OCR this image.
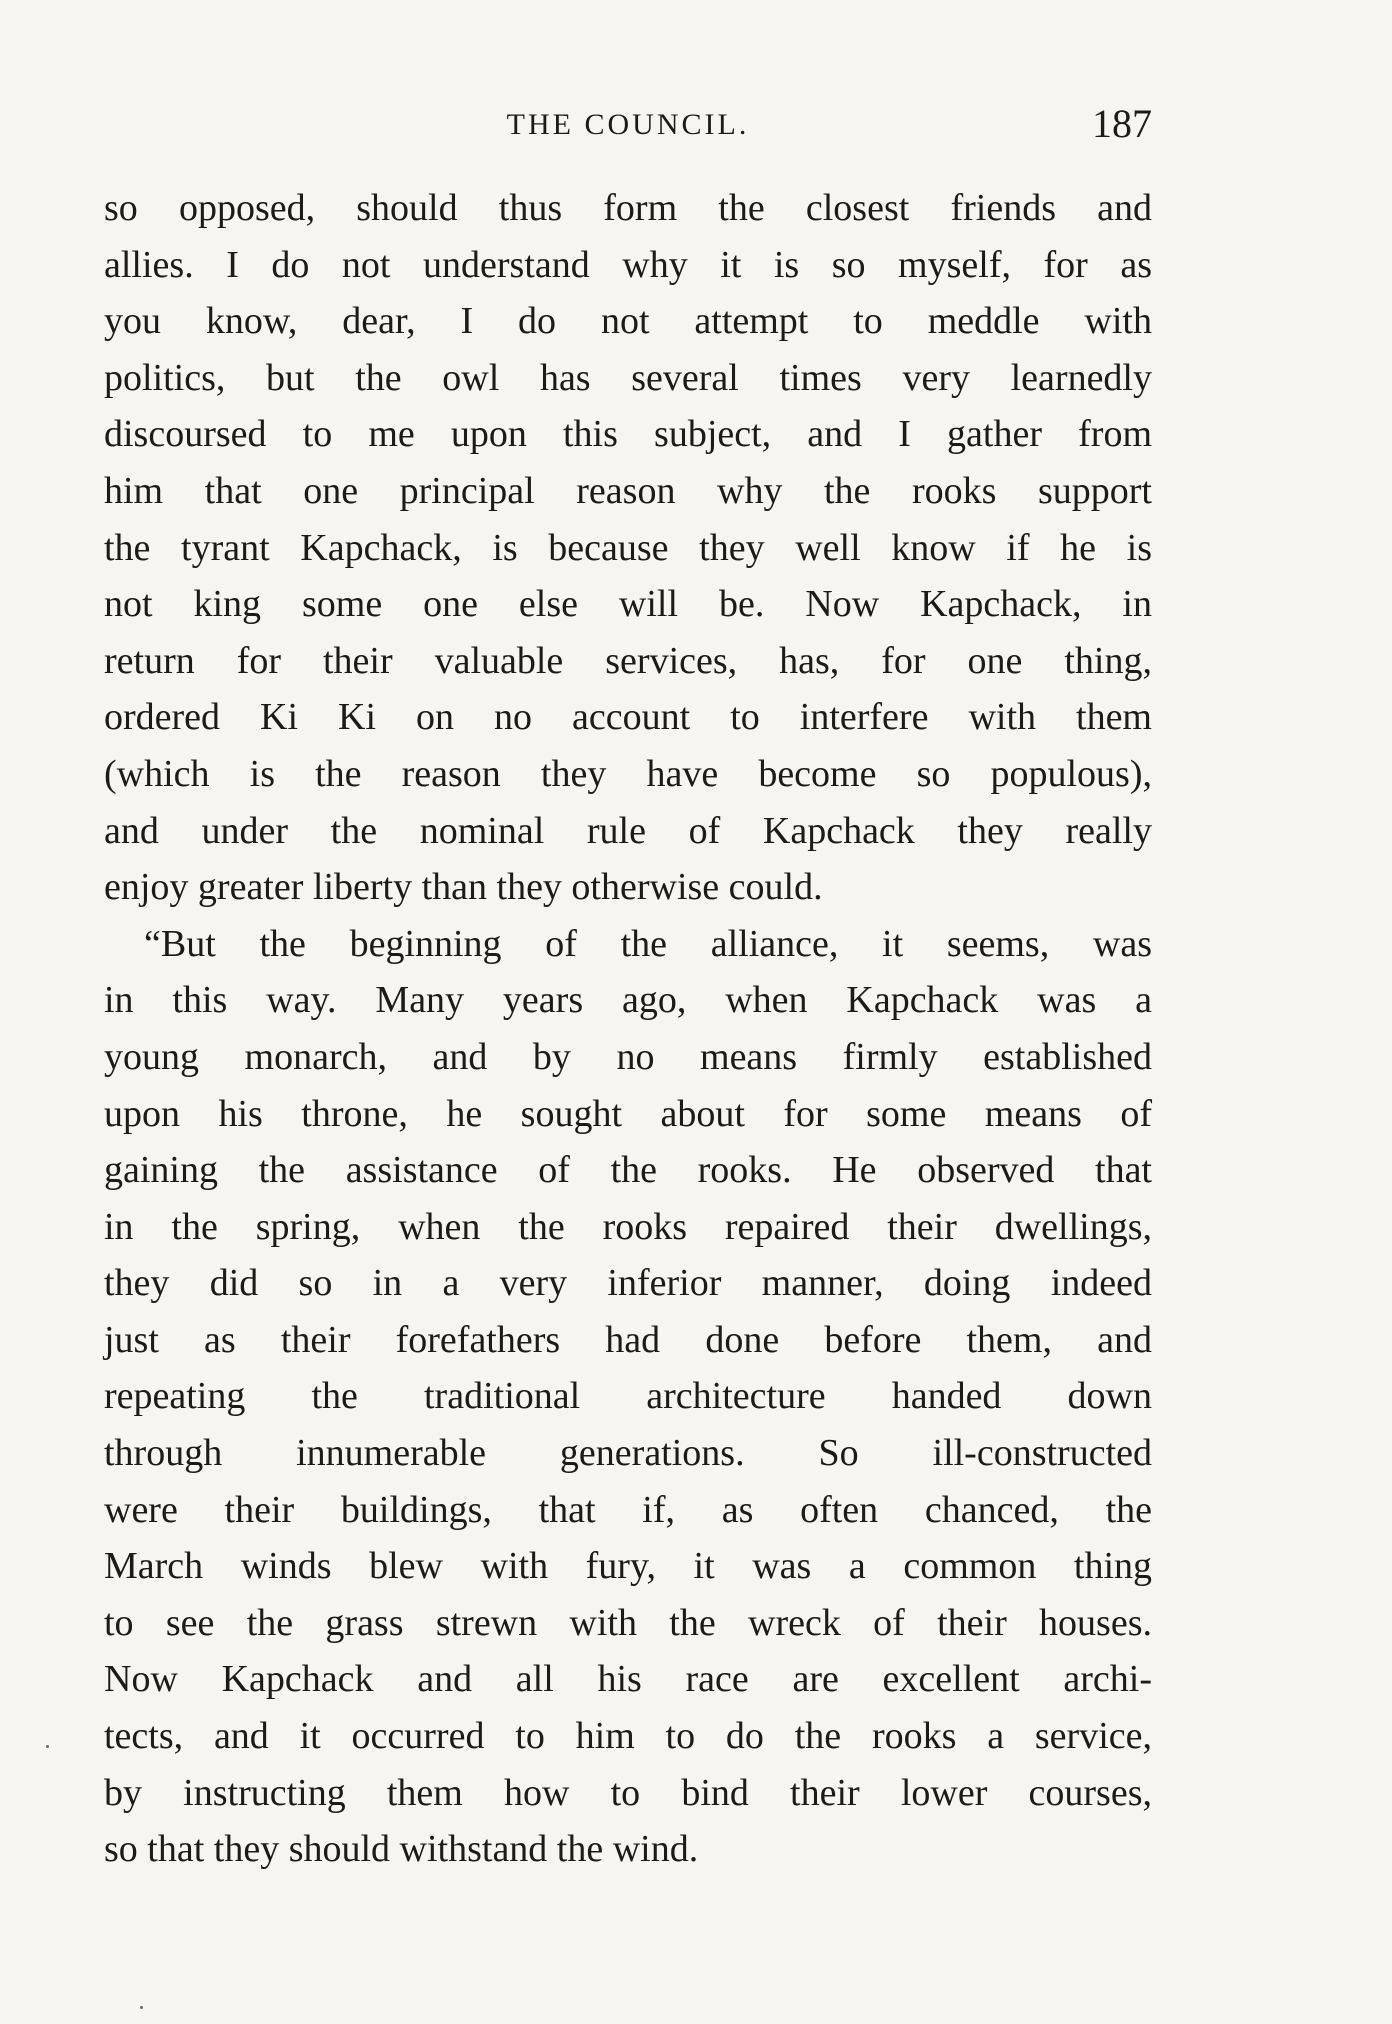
THE COUNCIL.	187
so opposed, should thus form the closest friends and
allies. I do not understand why it is so myself, for as
you know, dear, I do not attempt to meddle with
politics, but the owl has several times very learnedly
discoursed to me upon this subject, and I gather from
him that one principal reason why the rooks support
the tyrant Kapchack, is because they well know if he is
not king some one else will be. Now Kapchack, in
return for their valuable services, has, for one thing,
ordered Ki Ki on no account to interfere with them
(which is the reason they have become so populous),
and under the nominal rule of Kapchack they really
enjoy greater liberty than they otherwise could.
“But the beginning of the alliance, it seems, was
in this way. Many years ago, when Kapchack was a
young monarch, and by no means firmly established
upon his throne, he sought about for some means of
gaining the assistance of the rooks. He observed that
in the spring, when the rooks repaired their dwellings,
they did so in a very inferior manner, doing indeed
just as their forefathers had done before them, and
repeating the traditional architecture handed down
through innumerable generations. So ill-constructed
were their buildings, that if, as often chanced, the
March winds blew with fury, it was a common thing
to see the grass strewn with the wreck of their houses.
Now Kapchack and all his race are excellent archi-
tects, and it occurred to him to do the rooks a service,
by instructing them how to bind their lower courses,
so that they should withstand the wind.
